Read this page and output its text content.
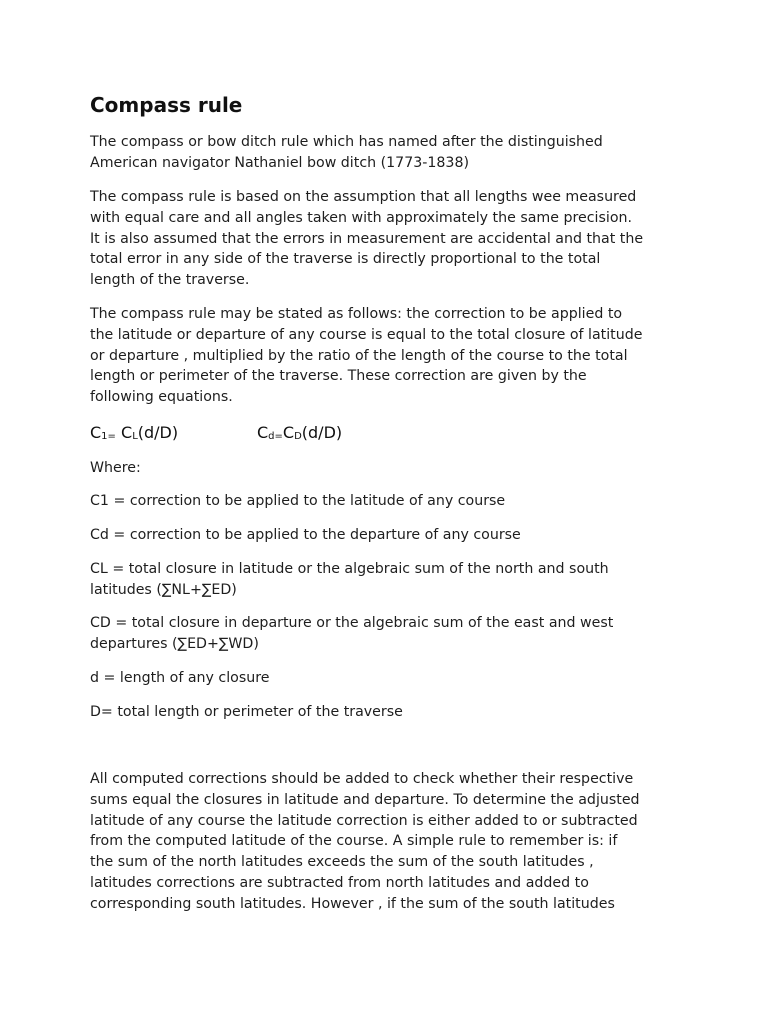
Compass rule

The compass or bow ditch rule which has named after the distinguished
American navigator Nathaniel bow ditch (1773-1838)

The compass rule is based on the assumption that all lengths wee measured
with equal care and all angles taken with approximately the same precision.
It is also assumed that the errors in measurement are accidental and that the
total error in any side of the traverse is directly proportional to the total
length of the traverse.

The compass rule may be stated as follows: the correction to be applied to
the latitude or departure of any course is equal to the total closure of latitude
or departure , multiplied by the ratio of the length of the course to the total
length or perimeter of the traverse. These correction are given by the
following equations.

$C_{1=}$ $C_L(d/D)$	$C_{d=}C_D(d/D)$

Where:

C1 = correction to be applied to the latitude of any course

Cd = correction to be applied to the departure of any course

CL = total closure in latitude or the algebraic sum of the north and south
latitudes (∑NL+∑ED)

CD = total closure in departure or the algebraic sum of the east and west
departures (∑ED+∑WD)

d = length of any closure

D= total length or perimeter of the traverse

All computed corrections should be added to check whether their respective
sums equal the closures in latitude and departure. To determine the adjusted
latitude of any course the latitude correction is either added to or subtracted
from the computed latitude of the course. A simple rule to remember is: if
the sum of the north latitudes exceeds the sum of the south latitudes ,
latitudes corrections are subtracted from north latitudes and added to
corresponding south latitudes. However , if the sum of the south latitudes
